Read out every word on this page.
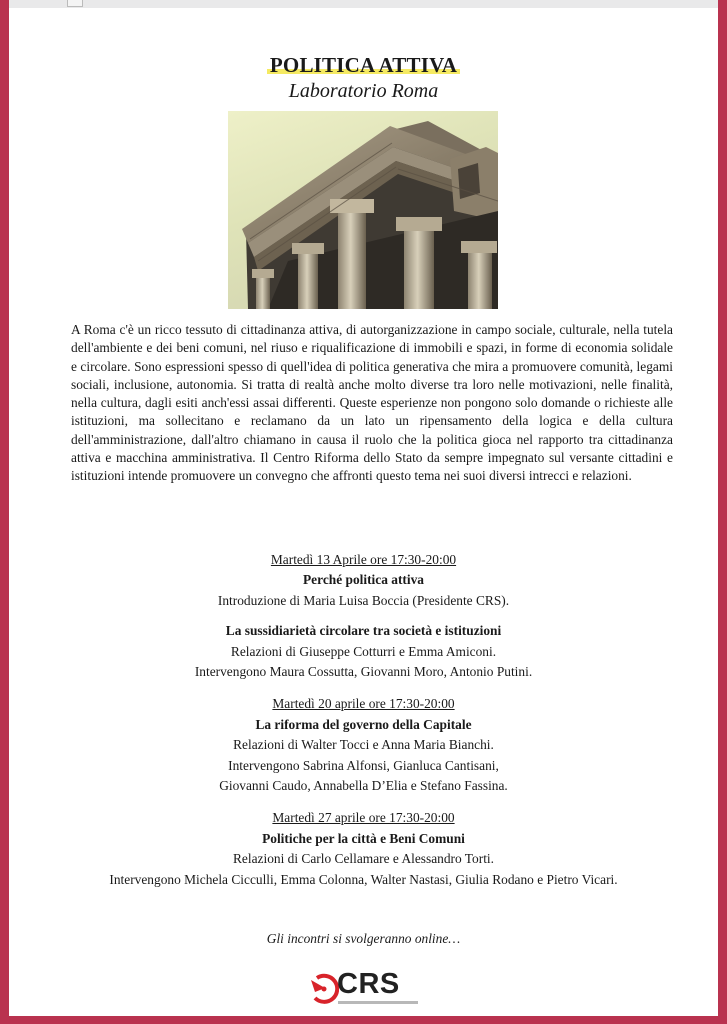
POLITICA ATTIVA
Laboratorio Roma
A Roma c'è un ricco tessuto di cittadinanza attiva, di autorganizzazione in campo sociale, culturale, nella tutela dell'ambiente e dei beni comuni, nel riuso e riqualificazione di immobili e spazi, in forme di economia solidale e circolare. Sono espressioni spesso di quell'idea di politica generativa che mira a promuovere comunità, legami sociali, inclusione, autonomia. Si tratta di realtà anche molto diverse tra loro nelle motivazioni, nelle finalità, nella cultura, dagli esiti anch'essi assai differenti. Queste esperienze non pongono solo domande o richieste alle istituzioni, ma sollecitano e reclamano da un lato un ripensamento della logica e della cultura dell'amministrazione, dall'altro chiamano in causa il ruolo che la politica gioca nel rapporto tra cittadinanza attiva e macchina amministrativa. Il Centro Riforma dello Stato da sempre impegnato sul versante cittadini e istituzioni intende promuovere un convegno che affronti questo tema nei suoi diversi intrecci e relazioni.
Martedì 13 Aprile ore 17:30-20:00
Perché politica attiva
Introduzione di Maria Luisa Boccia (Presidente CRS).
La sussidiarietà circolare tra società e istituzioni
Relazioni di Giuseppe Cotturri e Emma Amiconi.
Intervengono Maura Cossutta, Giovanni Moro, Antonio Putini.
Martedì 20 aprile ore 17:30-20:00
La riforma del governo della Capitale
Relazioni di Walter Tocci e Anna Maria Bianchi.
Intervengono Sabrina Alfonsi, Gianluca Cantisani,
Giovanni Caudo, Annabella D’Elia e Stefano Fassina.
Martedì 27 aprile ore 17:30-20:00
Politiche per la città e Beni Comuni
Relazioni di Carlo Cellamare e Alessandro Torti.
Intervengono Michela Cicculli, Emma Colonna, Walter Nastasi, Giulia Rodano e Pietro Vicari.
Gli incontri si svolgeranno online…
CRS
